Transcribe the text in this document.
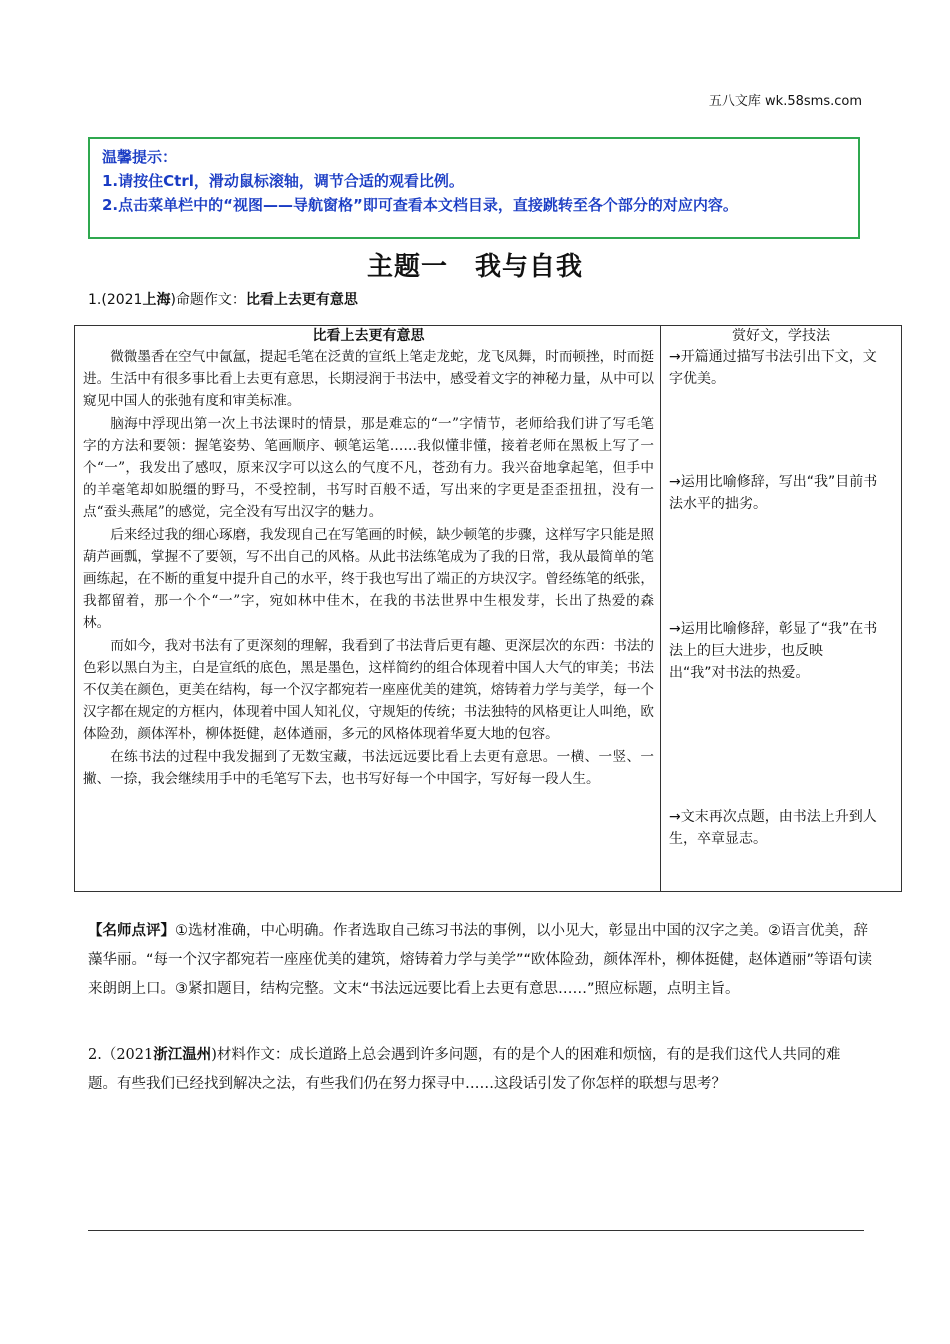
五八文库 wk.58sms.com
温馨提示：
1.请按住Ctrl，滑动鼠标滚轴，调节合适的观看比例。
2.点击菜单栏中的“视图——导航窗格”即可查看本文档目录，直接跳转至各个部分的对应内容。
主题一　我与自我
1.(2021上海)命题作文：比看上去更有意思
比看上去更有意思

微微墨香在空气中氤氲，提起毛笔在泛黄的宣纸上笔走龙蛇，龙飞凤舞，时而顿挫，时而挺进。生活中有很多事比看上去更有意思，长期浸润于书法中，感受着文字的神秘力量，从中可以窥见中国人的张弛有度和审美标准。

脑海中浮现出第一次上书法课时的情景，那是难忘的“一”字情节，老师给我们讲了写毛笔字的方法和要领：握笔姿势、笔画顺序、顿笔运笔……我似懂非懂，接着老师在黑板上写了一个“一”，我发出了感叹，原来汉字可以这么的气度不凡，苍劲有力。我兴奋地拿起笔，但手中的羊毫笔却如脱缰的野马，不受控制，书写时百般不适，写出来的字更是歪歪扭扭，没有一点“蚕头燕尾”的感觉，完全没有写出汉字的魅力。

后来经过我的细心琢磨，我发现自己在写笔画的时候，缺少顿笔的步骤，这样写字只能是照葫芦画瓢，掌握不了要领，写不出自己的风格。从此书法练笔成为了我的日常，我从最简单的笔画练起，在不断的重复中提升自己的水平，终于我也写出了端正的方块汉字。曾经练笔的纸张，我都留着，那一个个“一”字，宛如林中佳木，在我的书法世界中生根发芽，长出了热爱的森林。

而如今，我对书法有了更深刻的理解，我看到了书法背后更有趣、更深层次的东西：书法的色彩以黑白为主，白是宣纸的底色，黑是墨色，这样简约的组合体现着中国人大气的审美；书法不仅美在颜色，更美在结构，每一个汉字都宛若一座座优美的建筑，熔铸着力学与美学，每一个汉字都在规定的方框内，体现着中国人知礼仪，守规矩的传统；书法独特的风格更让人叫绝，欧体险劲，颜体浑朴，柳体挺健，赵体遒丽，多元的风格体现着华夏大地的包容。

在练书法的过程中我发掘到了无数宝藏，书法远远要比看上去更有意思。一横、一竖、一撇、一捺，我会继续用手中的毛笔写下去，也书写好每一个中国字，写好每一段人生。

赏好文，学技法
→开篇通过描写书法引出下文，文字优美。
→运用比喻修辞，写出“我”目前书法水平的拙劣。
→运用比喻修辞，彰显了“我”在书法上的巨大进步，也反映出“我”对书法的热爱。
→文末再次点题，由书法上升到人生，卒章显志。
【名师点评】①选材准确，中心明确。作者选取自己练习书法的事例，以小见大，彰显出中国的汉字之美。②语言优美，辞藻华丽。“每一个汉字都宛若一座座优美的建筑，熔铸着力学与美学”“欧体险劲，颜体浑朴，柳体挺健，赵体遒丽”等语句读来朗朗上口。③紧扣题目，结构完整。文末“书法远远要比看上去更有意思……”照应标题，点明主旨。
2.（2021浙江温州)材料作文：成长道路上总会遇到许多问题，有的是个人的困难和烦恼，有的是我们这代人共同的难题。有些我们已经找到解决之法，有些我们仍在努力探寻中……这段话引发了你怎样的联想与思考？
